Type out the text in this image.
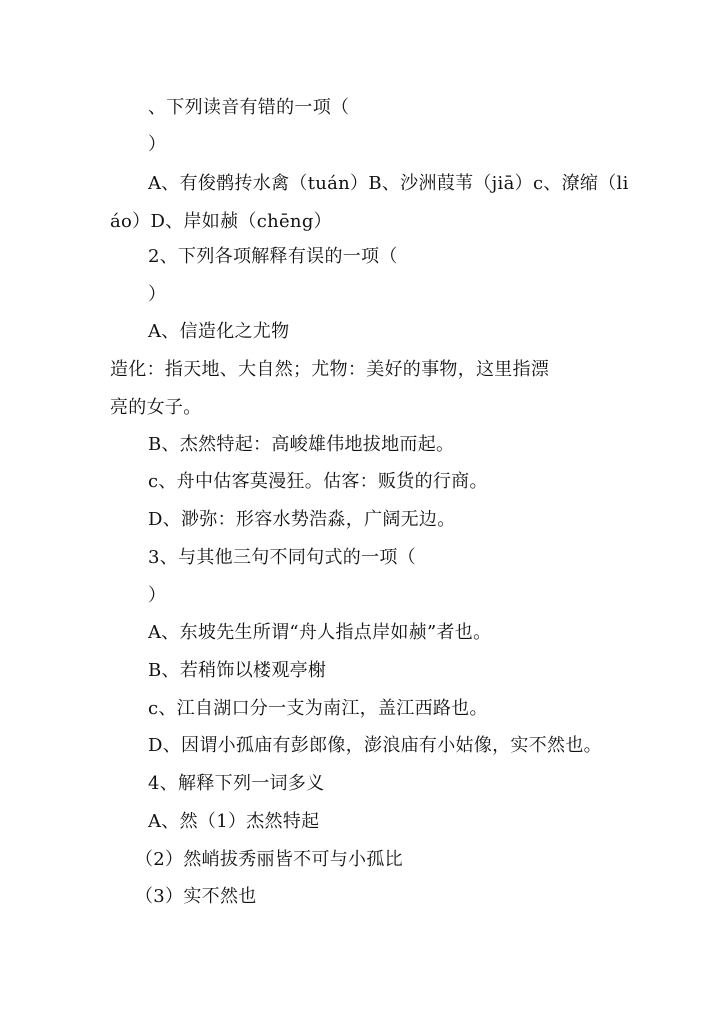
、下列读音有错的一项（
）
A、有俊鹘抟水禽（tuán）B、沙洲葭苇（jiā）c、潦缩（li
áo）D、岸如赪（chēng）
2、下列各项解释有误的一项（
）
A、信造化之尤物
造化：指天地、大自然；尤物：美好的事物，这里指漂
亮的女子。
B、杰然特起：高峻雄伟地拔地而起。
c、舟中估客莫漫狂。估客：贩货的行商。
D、渺弥：形容水势浩淼，广阔无边。
3、与其他三句不同句式的一项（
）
A、东坡先生所谓“舟人指点岸如赪”者也。
B、若稍饰以楼观亭榭
c、江自湖口分一支为南江，盖江西路也。
D、因谓小孤庙有彭郎像，澎浪庙有小姑像，实不然也。
4、解释下列一词多义
A、然（1）杰然特起
（2）然峭拔秀丽皆不可与小孤比
（3）实不然也
